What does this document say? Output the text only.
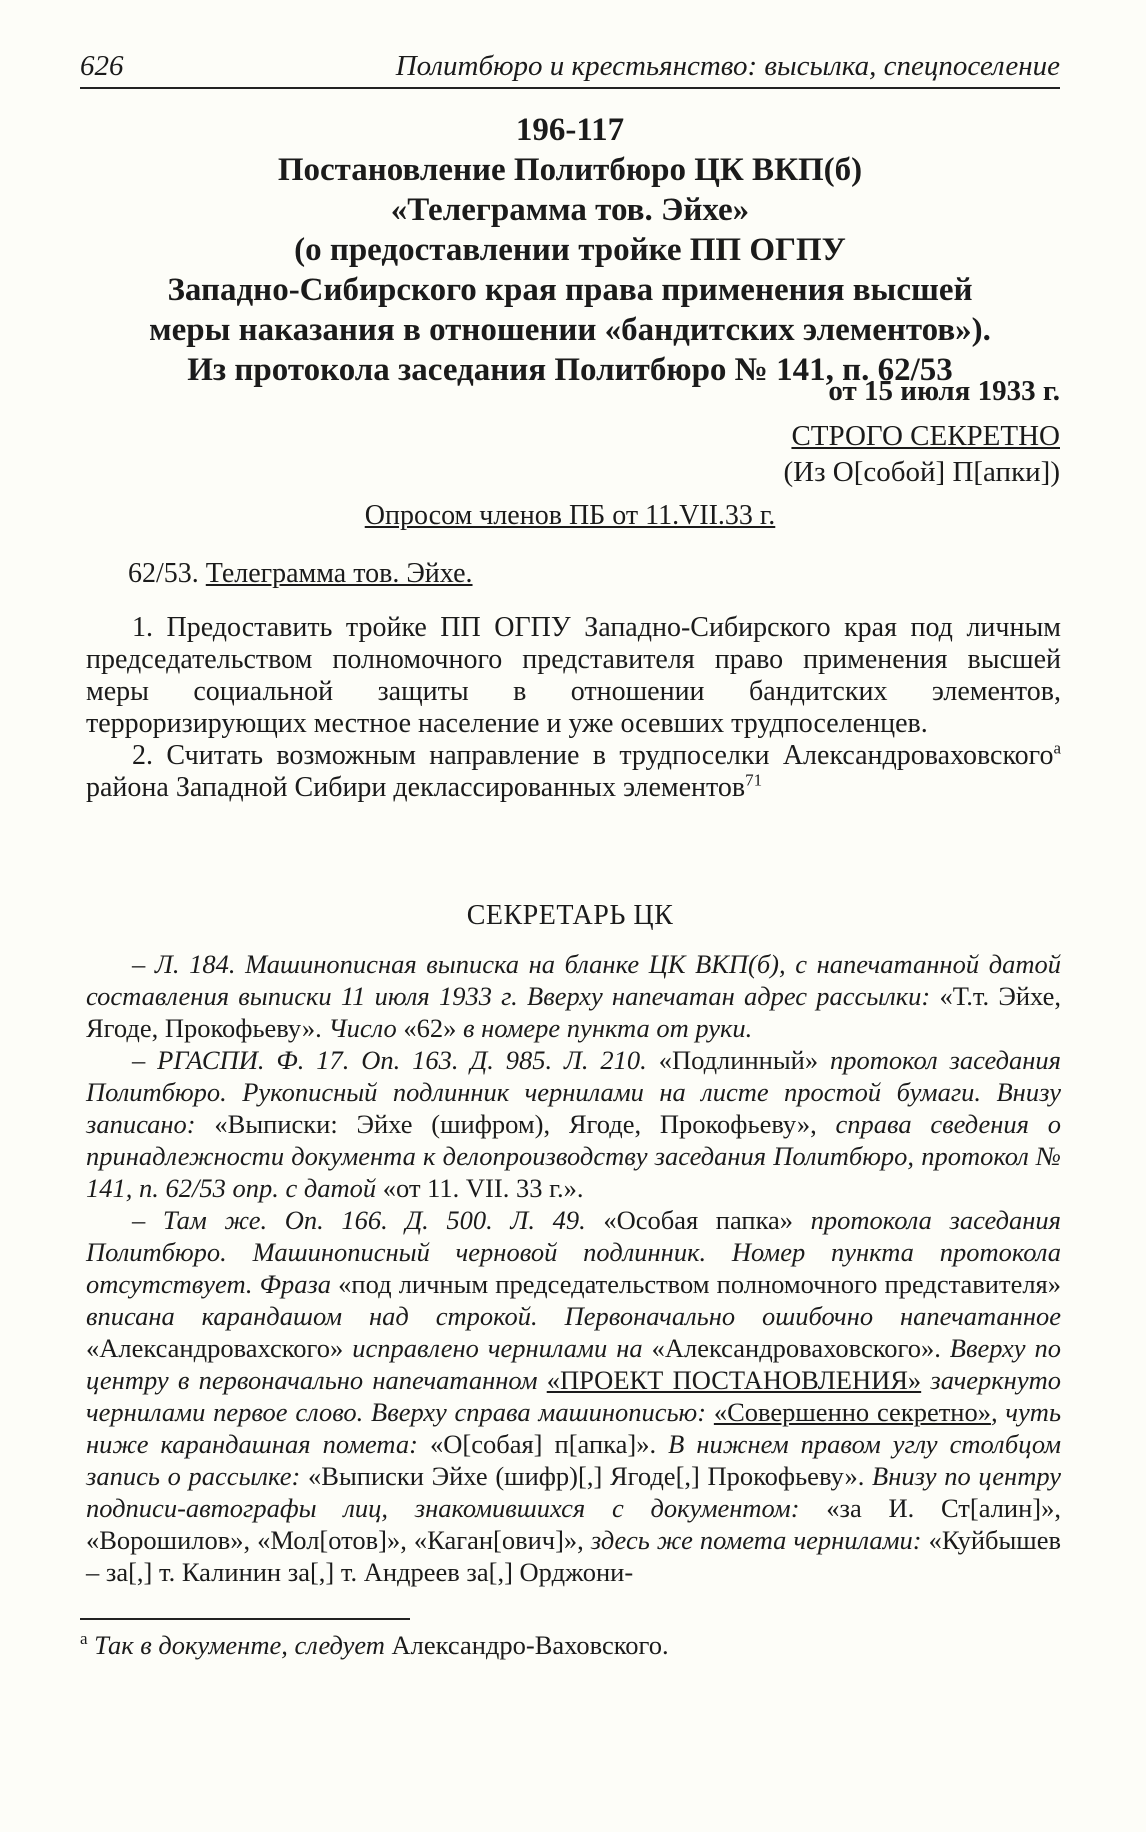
626	Политбюро и крестьянство: высылка, спецпоселение
196-117
Постановление Политбюро ЦК ВКП(б)
«Телеграмма тов. Эйхе»
(о предоставлении тройке ПП ОГПУ
Западно-Сибирского края права применения высшей
меры наказания в отношении «бандитских элементов»).
Из протокола заседания Политбюро № 141, п. 62/53
от 15 июля 1933 г.
СТРОГО СЕКРЕТНО
(Из О[собой] П[апки])
Опросом членов ПБ от 11.VII.33 г.
62/53. Телеграмма тов. Эйхе.

1. Предоставить тройке ПП ОГПУ Западно-Сибирского края под личным председательством полномочного представителя право применения высшей меры социальной защиты в отношении бандитских элементов, терроризирующих местное население и уже осевших трудпоселенцев.

2. Считать возможным направление в трудпоселки Александроваховского$^а$ района Западной Сибири деклассированных элементов$^{71}$

СЕКРЕТАРЬ ЦК

– Л. 184. Машинописная выписка на бланке ЦК ВКП(б), с напечатанной датой составления выписки 11 июля 1933 г. Вверху напечатан адрес рассылки: «Т.т. Эйхе, Ягоде, Прокофьеву». Число «62» в номере пункта от руки.

– РГАСПИ. Ф. 17. Оп. 163. Д. 985. Л. 210. «Подлинный» протокол заседания Политбюро. Рукописный подлинник чернилами на листе простой бумаги. Внизу записано: «Выписки: Эйхе (шифром), Ягоде, Прокофьеву», справа сведения о принадлежности документа к делопроизводству заседания Политбюро, протокол № 141, п. 62/53 опр. с датой «от 11. VII. 33 г.».

– Там же. Оп. 166. Д. 500. Л. 49. «Особая папка» протокола заседания Политбюро. Машинописный черновой подлинник. Номер пункта протокола отсутствует. Фраза «под личным председательством полномочного представителя» вписана карандашом над строкой. Первоначально ошибочно напечатанное «Александровахского» исправлено чернилами на «Александроваховского». Вверху по центру в первоначально напечатанном «ПРОЕКТ ПОСТАНОВЛЕНИЯ» зачеркнуто чернилами первое слово. Вверху справа машинописью: «Совершенно секретно», чуть ниже карандашная помета: «О[собая] п[апка]». В нижнем правом углу столбцом запись о рассылке: «Выписки Эйхе (шифр)[,] Ягоде[,] Прокофьеву». Внизу по центру подписи-автографы лиц, знакомившихся с документом: «за И. Ст[алин]», «Ворошилов», «Мол[отов]», «Каган[ович]», здесь же помета чернилами: «Куйбышев – за[,] т. Калинин за[,] т. Андреев за[,] Орджони-

$^а$ Так в документе, следует Александро-Ваховского.
